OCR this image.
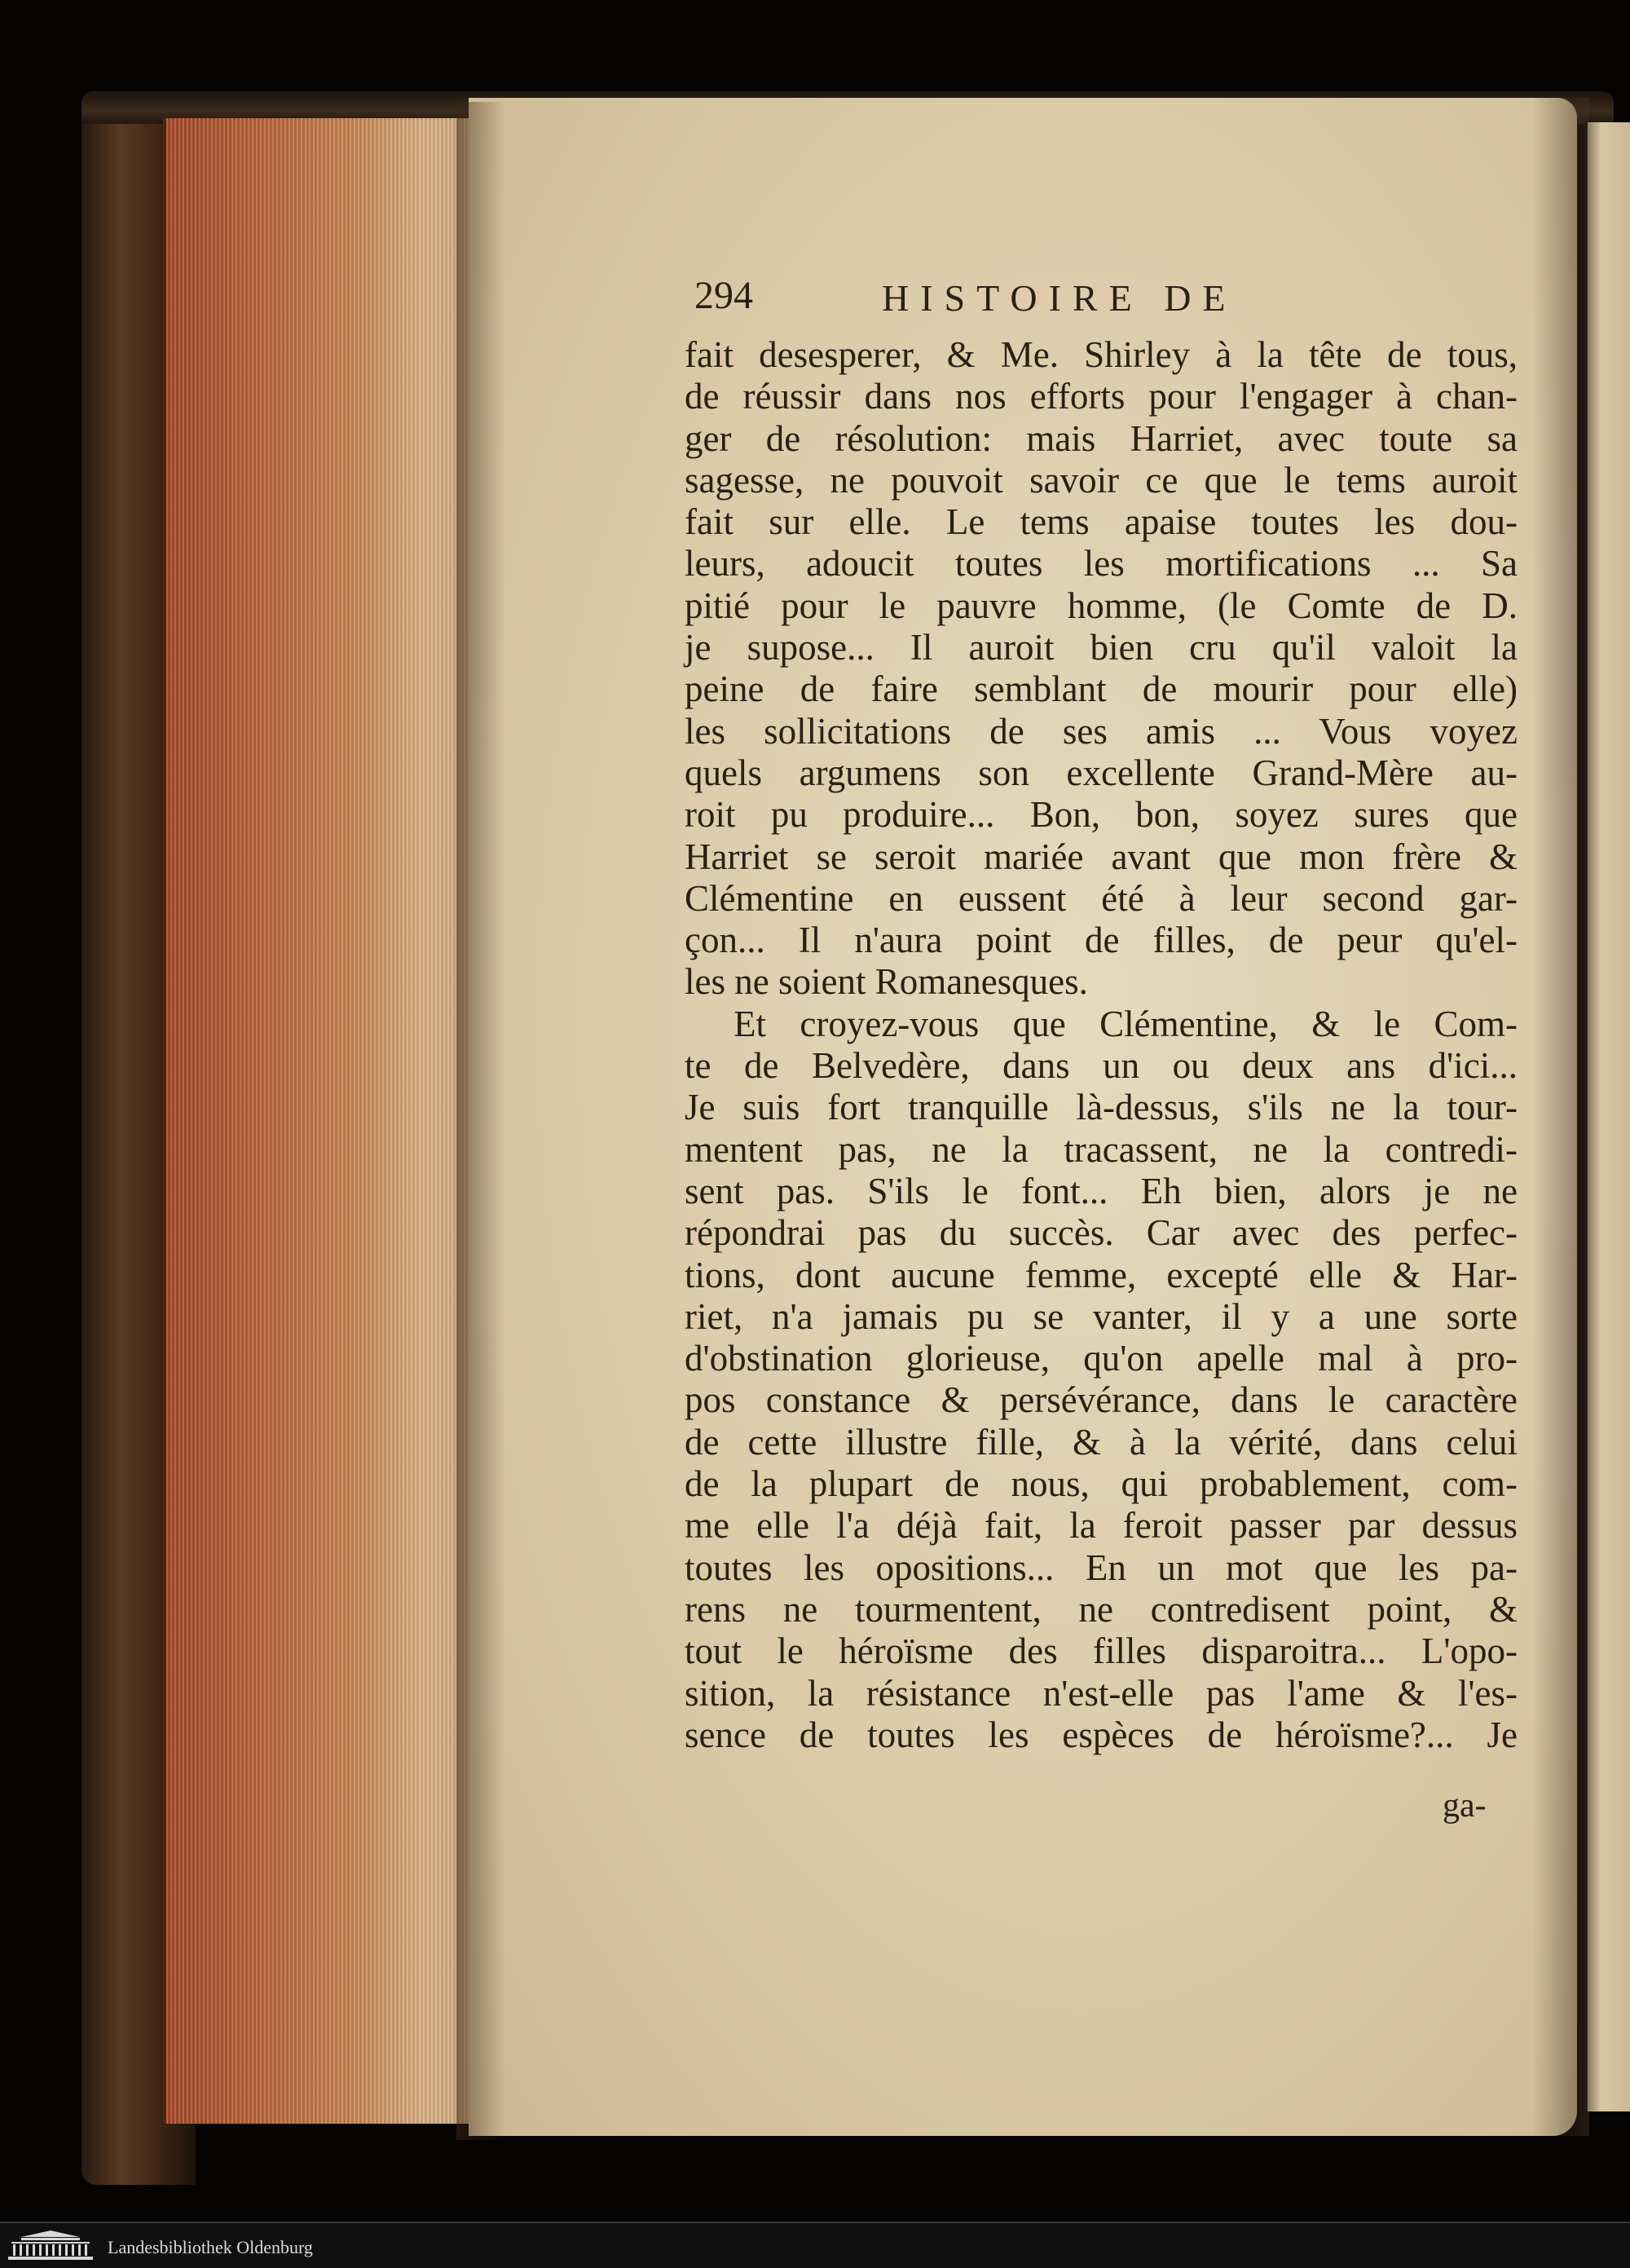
294	HISTOIRE DE
fait desesperer, & Me. Shirley à la tête de tous,
de réussir dans nos efforts pour l'engager à chan-
ger de résolution: mais Harriet, avec toute sa
sagesse, ne pouvoit savoir ce que le tems auroit
fait sur elle. Le tems apaise toutes les dou-
leurs, adoucit toutes les mortifications ... Sa
pitié pour le pauvre homme, (le Comte de D.
je supose... Il auroit bien cru qu'il valoit la
peine de faire semblant de mourir pour elle)
les sollicitations de ses amis ... Vous voyez
quels argumens son excellente Grand-Mère au-
roit pu produire... Bon, bon, soyez sures que
Harriet se seroit mariée avant que mon frère &
Clémentine en eussent été à leur second gar-
çon... Il n'aura point de filles, de peur qu'el-
les ne soient Romanesques.
Et croyez-vous que Clémentine, & le Com-
te de Belvedère, dans un ou deux ans d'ici...
Je suis fort tranquille là-dessus, s'ils ne la tour-
mentent pas, ne la tracassent, ne la contredi-
sent pas. S'ils le font... Eh bien, alors je ne
répondrai pas du succès. Car avec des perfec-
tions, dont aucune femme, excepté elle & Har-
riet, n'a jamais pu se vanter, il y a une sorte
d'obstination glorieuse, qu'on apelle mal à pro-
pos constance & persévérance, dans le caractère
de cette illustre fille, & à la vérité, dans celui
de la plupart de nous, qui probablement, com-
me elle l'a déjà fait, la feroit passer par dessus
toutes les opositions... En un mot que les pa-
rens ne tourmentent, ne contredisent point, &
tout le héroïsme des filles disparoitra... L'opo-
sition, la résistance n'est-elle pas l'ame & l'es-
sence de toutes les espèces de héroïsme?... Je
ga-
Landesbibliothek Oldenburg
